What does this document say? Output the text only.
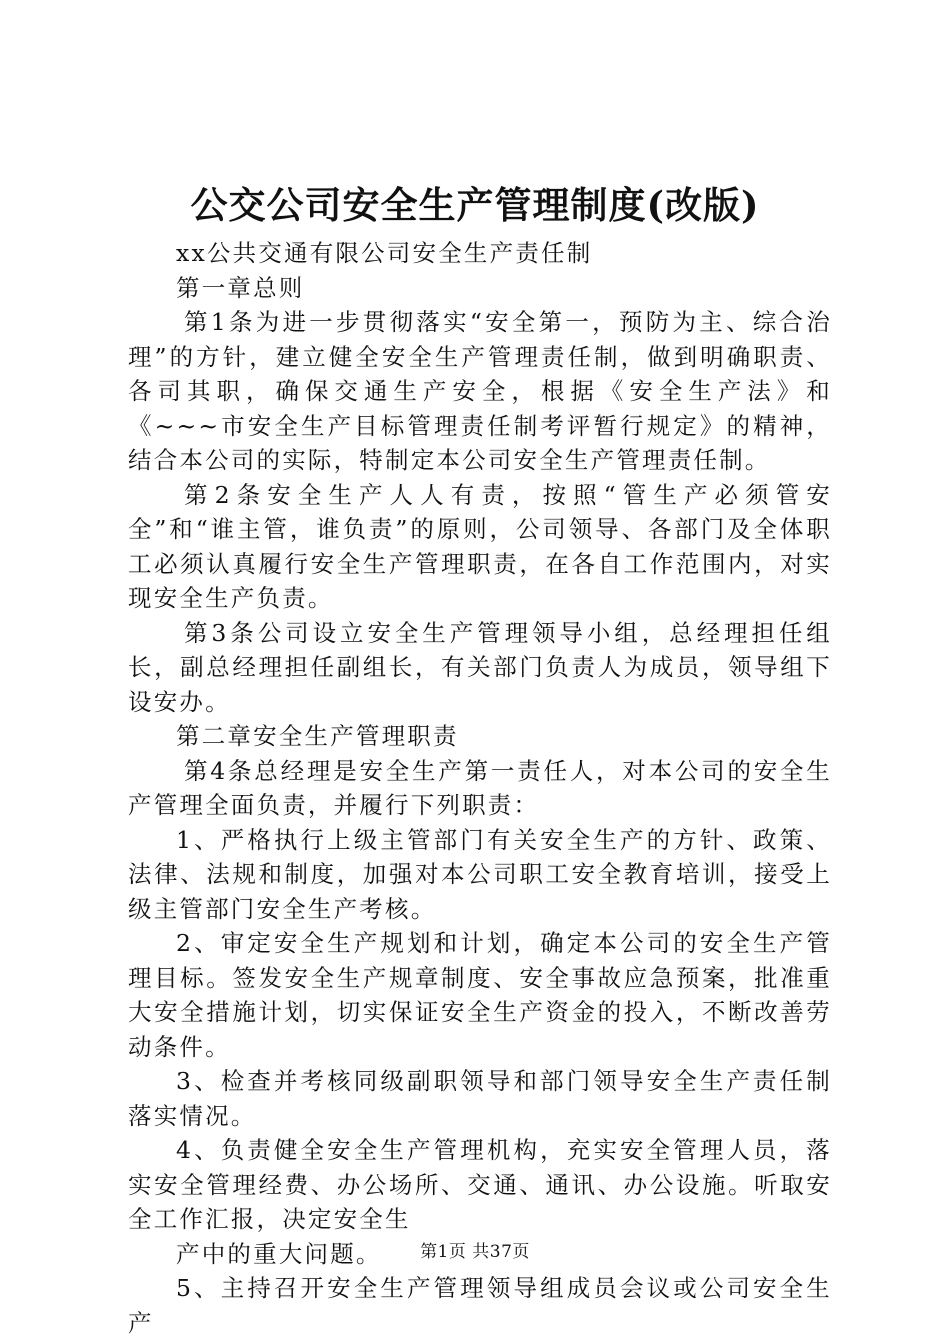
公交公司安全生产管理制度(改版)

xx公共交通有限公司安全生产责任制

第一章总则

第1条为进一步贯彻落实“安全第一，预防为主、综合治理”的方针，建立健全安全生产管理责任制，做到明确职责、各司其职，确保交通生产安全，根据《安全生产法》和《~~~市安全生产目标管理责任制考评暂行规定》的精神，结合本公司的实际，特制定本公司安全生产管理责任制。

第2条安全生产人人有责，按照“管生产必须管安全”和“谁主管，谁负责”的原则，公司领导、各部门及全体职工必须认真履行安全生产管理职责，在各自工作范围内，对实现安全生产负责。

第3条公司设立安全生产管理领导小组，总经理担任组长，副总经理担任副组长，有关部门负责人为成员，领导组下设安办。

第二章安全生产管理职责

第4条总经理是安全生产第一责任人，对本公司的安全生产管理全面负责，并履行下列职责：

1、严格执行上级主管部门有关安全生产的方针、政策、法律、法规和制度，加强对本公司职工安全教育培训，接受上级主管部门安全生产考核。

2、审定安全生产规划和计划，确定本公司的安全生产管理目标。签发安全生产规章制度、安全事故应急预案，批准重大安全措施计划，切实保证安全生产资金的投入，不断改善劳动条件。

3、检查并考核同级副职领导和部门领导安全生产责任制落实情况。

4、负责健全安全生产管理机构，充实安全管理人员，落实安全管理经费、办公场所、交通、通讯、办公设施。听取安全工作汇报，决定安全生

产中的重大问题。

5、主持召开安全生产管理领导组成员会议或公司安全生产

第1页 共37页
